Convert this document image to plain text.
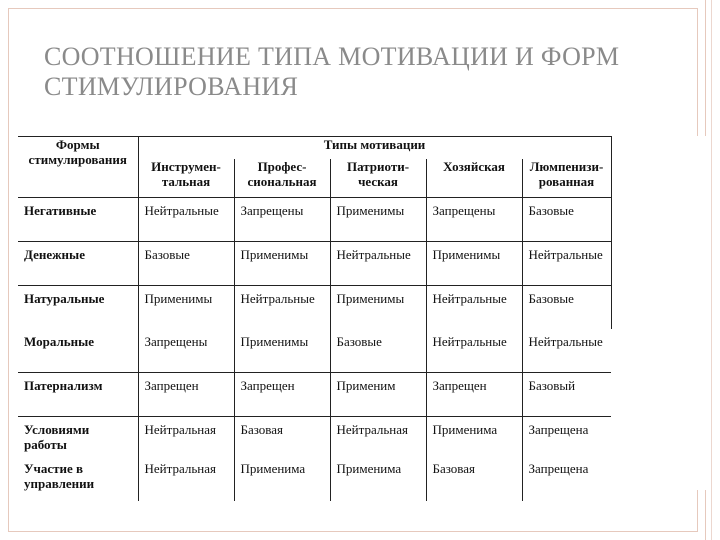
СООТНОШЕНИЕ ТИПА МОТИВАЦИИ И ФОРМ СТИМУЛИРОВАНИЯ
Формы стимулирования	Типы мотивации				
	Инструмен-тальная	Профес-сиональная	Патриоти-ческая	Хозяйская	Люмпенизи-рованная
Негативные	Нейтральные	Запрещены	Применимы	Запрещены	Базовые
Денежные	Базовые	Применимы	Нейтральные	Применимы	Нейтральные
Натуральные	Применимы	Нейтральные	Применимы	Нейтральные	Базовые
Моральные	Запрещены	Применимы	Базовые	Нейтральные	Нейтральные
Патернализм	Запрещен	Запрещен	Применим	Запрещен	Базовый
Условиями работы	Нейтральная	Базовая	Нейтральная	Применима	Запрещена
Участие в управлении	Нейтральная	Применима	Применима	Базовая	Запрещена
